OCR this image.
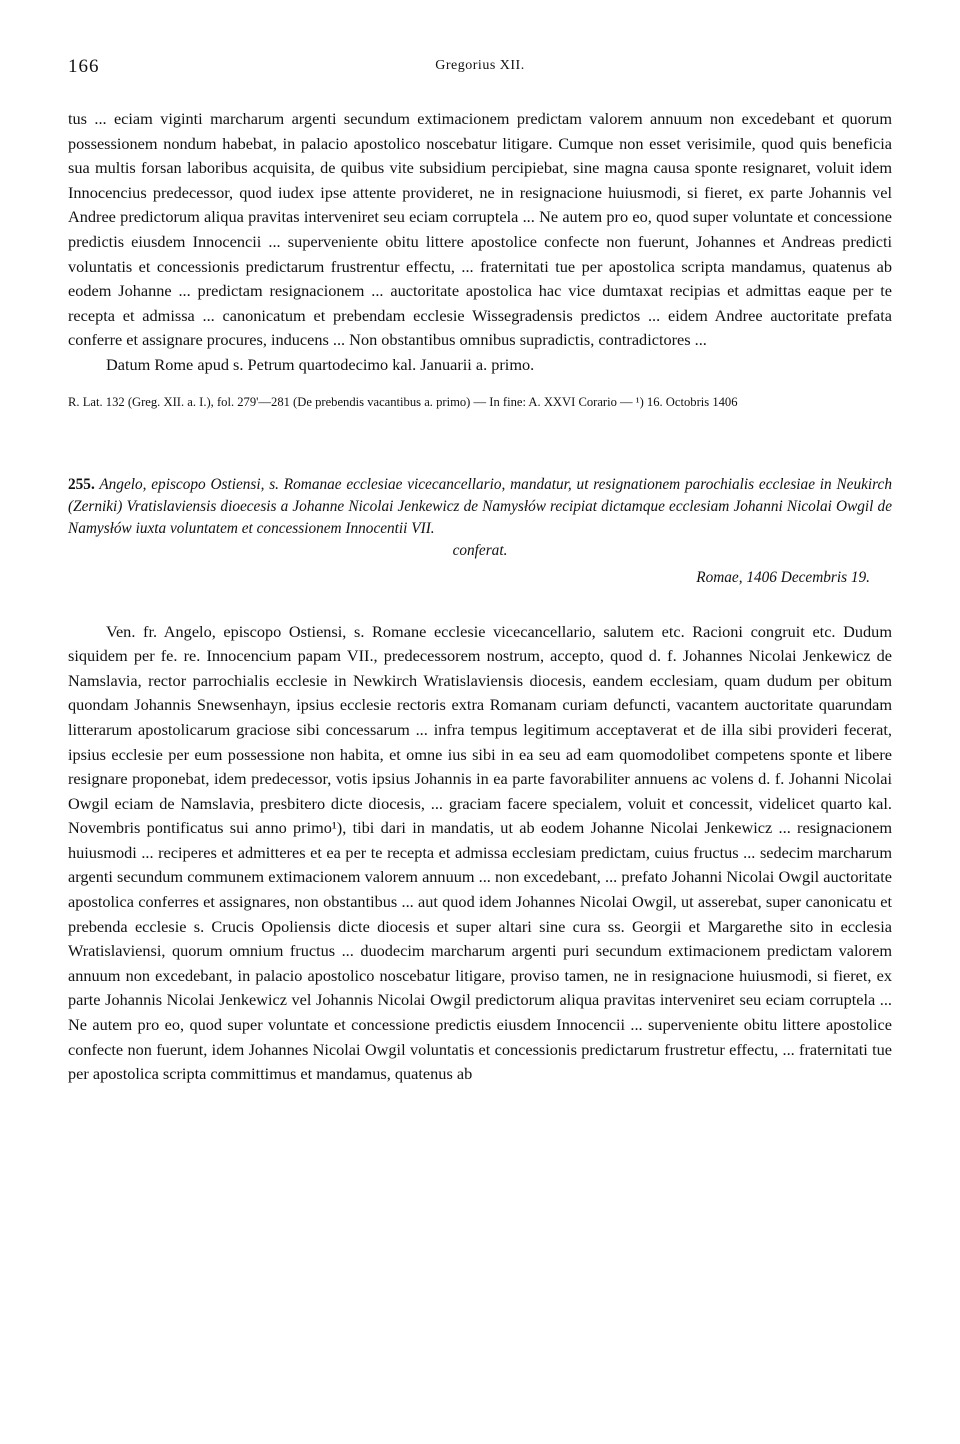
166	Gregorius XII.

tus ... eciam viginti marcharum argenti secundum extimacionem predictam valorem annuum non excedebant et quorum possessionem nondum habebat, in palacio apostolico noscebatur litigare. Cumque non esset verisimile, quod quis beneficia sua multis forsan laboribus acquisita, de quibus vite subsidium percipiebat, sine magna causa sponte resignaret, voluit idem Innocencius predecessor, quod iudex ipse attente provideret, ne in resignacione huiusmodi, si fieret, ex parte Johannis vel Andree predictorum aliqua pravitas interveniret seu eciam corruptela ... Ne autem pro eo, quod super voluntate et concessione predictis eiusdem Innocencii ... superveniente obitu littere apostolice confecte non fuerunt, Johannes et Andreas predicti voluntatis et concessionis predictarum frustrentur effectu, ... fraternitati tue per apostolica scripta mandamus, quatenus ab eodem Johanne ... predictam resignacionem ... auctoritate apostolica hac vice dumtaxat recipias et admittas eaque per te recepta et admissa ... canonicatum et prebendam ecclesie Wissegradensis predictos ... eidem Andree auctoritate prefata conferre et assignare procures, inducens ... Non obstantibus omnibus supradictis, contradictores ...

Datum Rome apud s. Petrum quartodecimo kal. Januarii a. primo.

R. Lat. 132 (Greg. XII. a. I.), fol. 279'—281 (De prebendis vacantibus a. primo) — In fine: A. XXVI Corario — ¹) 16. Octobris 1406

255. Angelo, episcopo Ostiensi, s. Romanae ecclesiae vicecancellario, mandatur, ut resignationem parochialis ecclesiae in Neukirch (Zerniki) Vratislaviensis dioecesis a Johanne Nicolai Jenkewicz de Namysłów recipiat dictamque ecclesiam Johanni Nicolai Owgil de Namysłów iuxta voluntatem et concessionem Innocentii VII.

conferat.

Romae, 1406 Decembris 19.

Ven. fr. Angelo, episcopo Ostiensi, s. Romane ecclesie vicecancellario, salutem etc. Racioni congruit etc. Dudum siquidem per fe. re. Innocencium papam VII., predecessorem nostrum, accepto, quod d. f. Johannes Nicolai Jenkewicz de Namslavia, rector parrochialis ecclesie in Newkirch Wratislaviensis diocesis, eandem ecclesiam, quam dudum per obitum quondam Johannis Snewsenhayn, ipsius ecclesie rectoris extra Romanam curiam defuncti, vacantem auctoritate quarundam litterarum apostolicarum graciose sibi concessarum ... infra tempus legitimum acceptaverat et de illa sibi provideri fecerat, ipsius ecclesie per eum possessione non habita, et omne ius sibi in ea seu ad eam quomodolibet competens sponte et libere resignare proponebat, idem predecessor, votis ipsius Johannis in ea parte favorabiliter annuens ac volens d. f. Johanni Nicolai Owgil eciam de Namslavia, presbitero dicte diocesis, ... graciam facere specialem, voluit et concessit, videlicet quarto kal. Novembris pontificatus sui anno primo¹), tibi dari in mandatis, ut ab eodem Johanne Nicolai Jenkewicz ... resignacionem huiusmodi ... reciperes et admitteres et ea per te recepta et admissa ecclesiam predictam, cuius fructus ... sedecim marcharum argenti secundum communem extimacionem valorem annuum ... non excedebant, ... prefato Johanni Nicolai Owgil auctoritate apostolica conferres et assignares, non obstantibus ... aut quod idem Johannes Nicolai Owgil, ut asserebat, super canonicatu et prebenda ecclesie s. Crucis Opoliensis dicte diocesis et super altari sine cura ss. Georgii et Margarethe sito in ecclesia Wratislaviensi, quorum omnium fructus ... duodecim marcharum argenti puri secundum extimacionem predictam valorem annuum non excedebant, in palacio apostolico noscebatur litigare, proviso tamen, ne in resignacione huiusmodi, si fieret, ex parte Johannis Nicolai Jenkewicz vel Johannis Nicolai Owgil predictorum aliqua pravitas interveniret seu eciam corruptela ... Ne autem pro eo, quod super voluntate et concessione predictis eiusdem Innocencii ... superveniente obitu littere apostolice confecte non fuerunt, idem Johannes Nicolai Owgil voluntatis et concessionis predictarum frustretur effectu, ... fraternitati tue per apostolica scripta committimus et mandamus, quatenus ab
